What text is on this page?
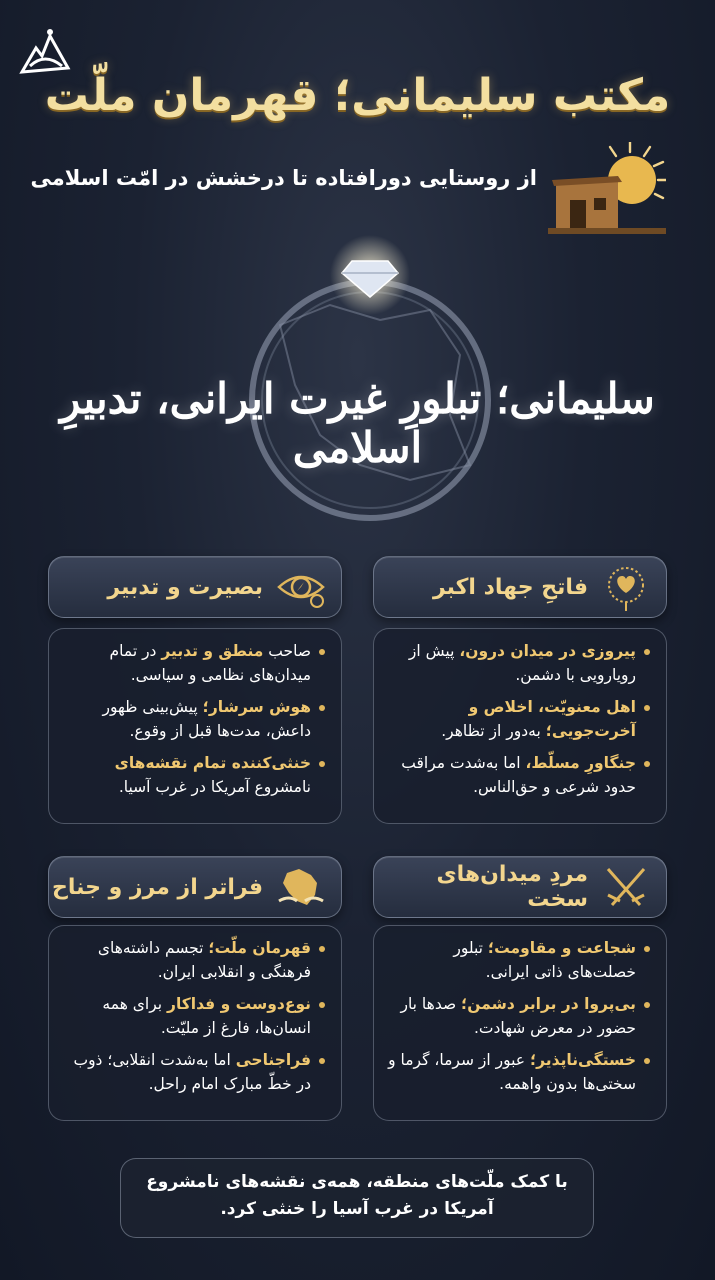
مکتب سلیمانی؛ قهرمان ملّت
از روستایی دورافتاده تا درخشش در امّت اسلامی
سلیمانی؛ تبلورِ غیرت ایرانی، تدبیرِ اسلامی
فاتحِ جهاد اکبر
بصیرت و تدبیر
مردِ میدان‌های سخت
فراتر از مرز و جناح
پیروزی در میدان درون، پیش از رویارویی با دشمن.
اهل معنویّت، اخلاص و آخرت‌جویی؛ به‌دور از تظاهر.
جنگاورِ مسلّط، اما به‌شدت مراقب حدود شرعی و حق‌الناس.
صاحب منطق و تدبیر در تمام میدان‌های نظامی و سیاسی.
هوش سرشار؛ پیش‌بینی ظهور داعش، مدت‌ها قبل از وقوع.
خنثی‌کننده تمام نقشه‌های نامشروع آمریکا در غرب آسیا.
شجاعت و مقاومت؛ تبلور خصلت‌های ذاتی ایرانی.
بی‌پروا در برابر دشمن؛ صدها بار حضور در معرض شهادت.
خستگی‌ناپذیر؛ عبور از سرما، گرما و سختی‌ها بدون واهمه.
قهرمان ملّت؛ تجسم داشته‌های فرهنگی و انقلابی ایران.
نوع‌دوست و فداکار برای همه انسان‌ها، فارغ از ملیّت.
فراجناحی اما به‌شدت انقلابی؛ ذوب در خطّ مبارک امام راحل.
با کمک ملّت‌های منطقه، همه‌ی نقشه‌های نامشروع آمریکا در غرب آسیا را خنثی کرد.
